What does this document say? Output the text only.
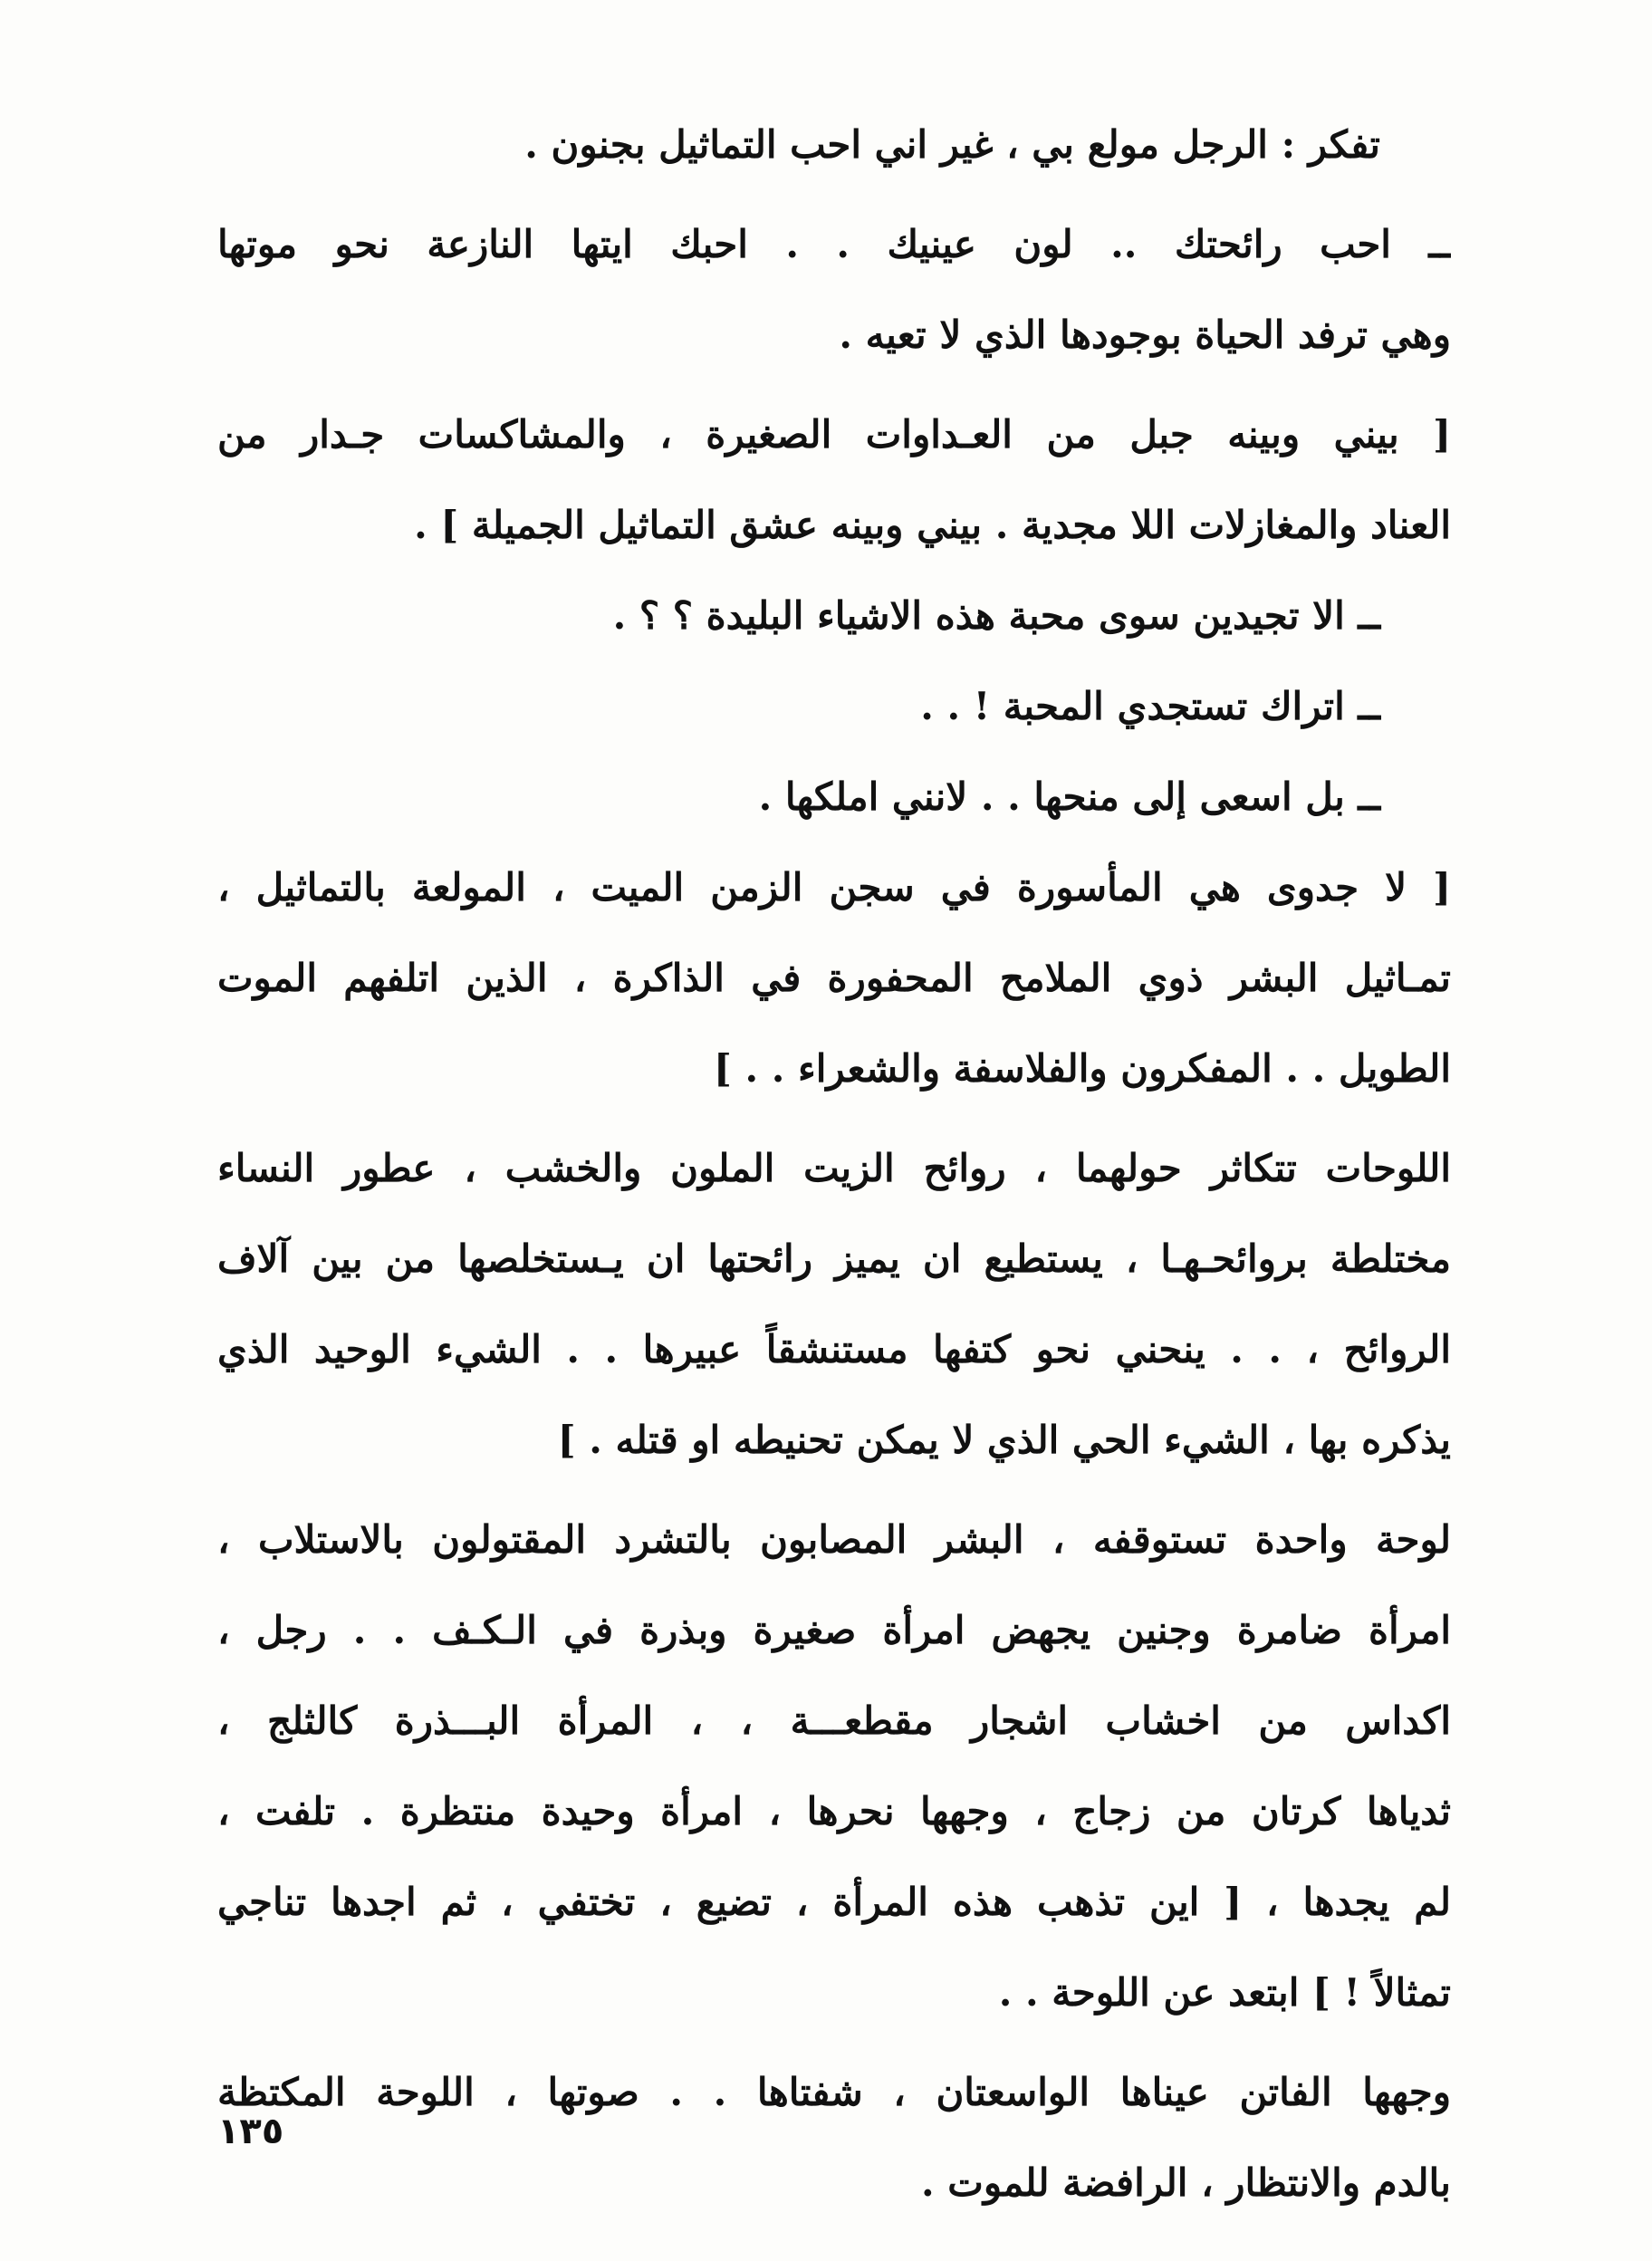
تفكر : الرجل مولع بي ، غير اني احب التماثيل بجنون .
ــ احب رائحتك .. لون عينيك . . احبك ايتها النازعة نحو موتها
وهي ترفد الحياة بوجودها الذي لا تعيه .
[ بيني وبينه جبل من العـداوات الصغيرة ، والمشاكسات جـدار من
العناد والمغازلات اللا مجدية . بيني وبينه عشق التماثيل الجميلة ] .
ــ الا تجيدين سوى محبة هذه الاشياء البليدة ؟ ؟ .
ــ اتراك تستجدي المحبة ! . .
ــ بل اسعى إلى منحها . . لانني املكها .
[ لا جدوى هي المأسورة في سجن الزمن الميت ، المولعة بالتماثيل ،
تمـاثيل البشر ذوي الملامح المحفورة في الذاكرة ، الذين اتلفهم الموت
الطويل . . المفكرون والفلاسفة والشعراء . . ]
اللوحات تتكاثر حولهما ، روائح الزيت الملون والخشب ، عطور النساء
مختلطة بروائحـهـا ، يستطيع ان يميز رائحتها ان يـستخلصها من بين آلاف
الروائح ، . . ينحني نحو كتفها مستنشقاً عبيرها . . الشيء الوحيد الذي
يذكره بها ، الشيء الحي الذي لا يمكن تحنيطه او قتله . ]
لوحة واحدة تستوقفه ، البشر المصابون بالتشرد المقتولون بالاستلاب ،
امرأة ضامرة وجنين يجهض امرأة صغيرة وبذرة في الـكـف . . رجل ،
اكداس من اخشاب اشجار مقطعـــة ، ، المرأة البـــذرة كالثلج ،
ثدياها كرتان من زجاج ، وجهها نحرها ، امرأة وحيدة منتظرة . تلفت ،
لم يجدها ، [ اين تذهب هذه المرأة ، تضيع ، تختفي ، ثم اجدها تناجي
تمثالاً ! ] ابتعد عن اللوحة . .
وجهها الفاتن عيناها الواسعتان ، شفتاها . . صوتها ، اللوحة المكتظة
بالدم والانتظار ، الرافضة للموت .
١٣٥
